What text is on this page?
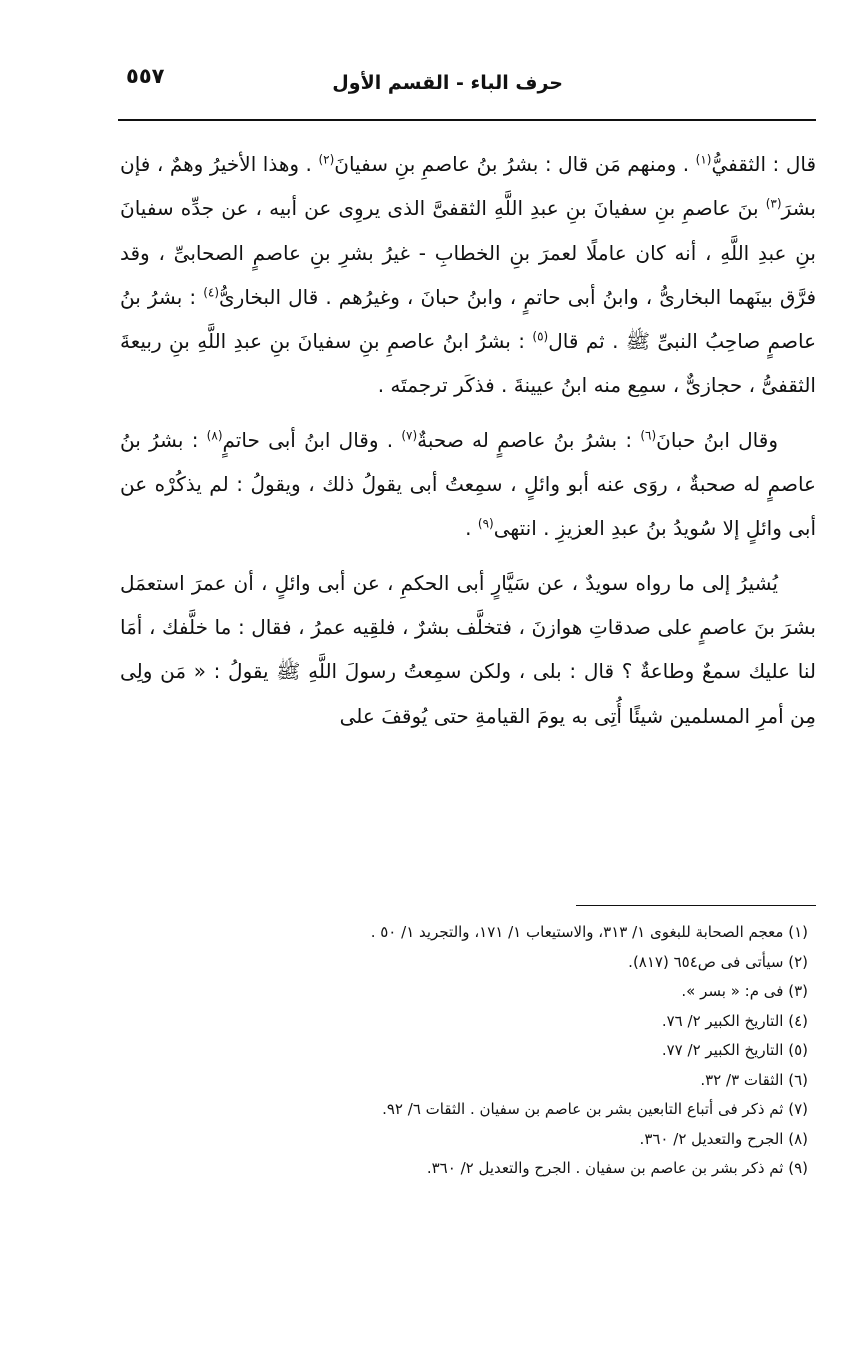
حرف الباء - القسم الأول
٥٥٧

قال : الثقفيُّ$^{(١)}$ . ومنهم مَن قال : بشرُ بنُ عاصمِ بنِ سفيانَ$^{(٢)}$ . وهذا الأخيرُ وهمٌ ، فإن بشرَ$^{(٣)}$ بنَ عاصمِ بنِ سفيانَ بنِ عبدِ اللَّهِ الثقفىَّ الذى يروِى عن أبيه ، عن جدِّه سفيانَ بنِ عبدِ اللَّهِ ، أنه كان عاملًا لعمرَ بنِ الخطابِ - غيرُ بشرِ بنِ عاصمٍ الصحابىِّ ، وقد فرَّق بينَهما البخارىُّ ، وابنُ أبى حاتمٍ ، وابنُ حبانَ ، وغيرُهم . قال البخارىُّ$^{(٤)}$ : بشرُ بنُ عاصمٍ صاحِبُ النبىِّ ﷺ . ثم قال$^{(٥)}$ : بشرُ ابنُ عاصمِ بنِ سفيانَ بنِ عبدِ اللَّهِ بنِ ربيعةَ الثقفىُّ ، حجازىٌّ ، سمِع منه ابنُ عيينةَ . فذكَر ترجمتَه .

وقال ابنُ حبانَ$^{(٦)}$ : بشرُ بنُ عاصمٍ له صحبةٌ$^{(٧)}$ . وقال ابنُ أبى حاتمٍ$^{(٨)}$ : بشرُ بنُ عاصمٍ له صحبةٌ ، روَى عنه أبو وائلٍ ، سمِعتُ أبى يقولُ ذلك ، ويقولُ : لم يذكُرْه عن أبى وائلٍ إلا سُويدُ بنُ عبدِ العزيزِ . انتهى$^{(٩)}$ .

يُشيرُ إلى ما رواه سويدٌ ، عن سَيَّارٍ أبى الحكمِ ، عن أبى وائلٍ ، أن عمرَ استعمَل بشرَ بنَ عاصمٍ على صدقاتِ هوازنَ ، فتخلَّف بشرٌ ، فلقِيه عمرُ ، فقال : ما خلَّفك ، أمَا لنا عليك سمعٌ وطاعةٌ ؟ قال : بلى ، ولكن سمِعتُ رسولَ اللَّهِ ﷺ يقولُ : « مَن ولِى مِن أمرِ المسلمين شيئًا أُتِى به يومَ القيامةِ حتى يُوقفَ على

(١) معجم الصحابة للبغوى ١/ ٣١٣، والاستيعاب ١/ ١٧١، والتجريد ١/ ٥٠ .
(٢) سيأتى فى ص٦٥٤ (٨١٧).
(٣) فى م: « بسر ».
(٤) التاريخ الكبير ٢/ ٧٦.
(٥) التاريخ الكبير ٢/ ٧٧.
(٦) الثقات ٣/ ٣٢.
(٧) ثم ذكر فى أتباع التابعين بشر بن عاصم بن سفيان . الثقات ٦/ ٩٢.
(٨) الجرح والتعديل ٢/ ٣٦٠.
(٩) ثم ذكر بشر بن عاصم بن سفيان . الجرح والتعديل ٢/ ٣٦٠.
